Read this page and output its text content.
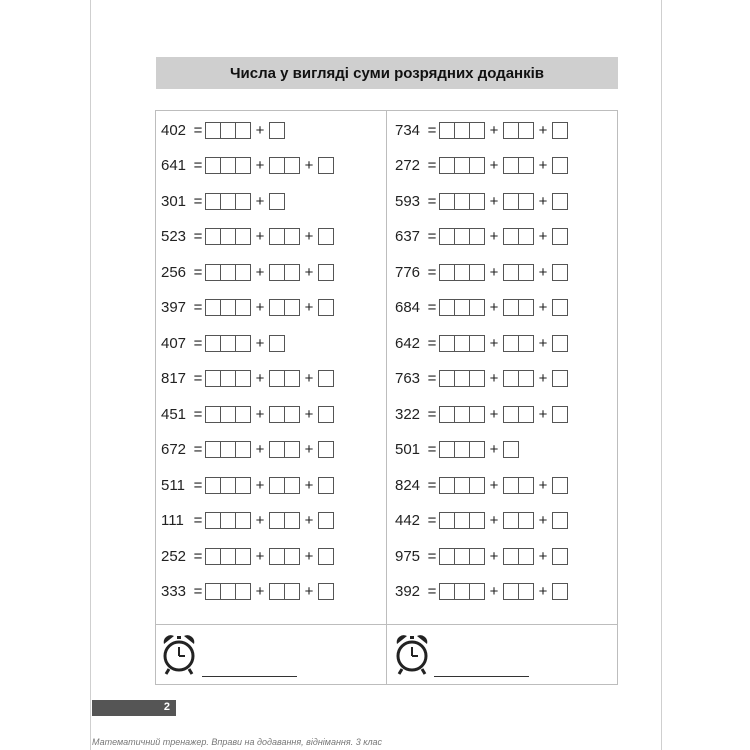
Числа у вигляді суми розрядних доданків
402 =	+
641 =	+	+
301 =	+
523 =	+	+
256 =	+	+
397 =	+	+
407 =	+
817 =	+	+
451 =	+	+
672 =	+	+
511 =	+	+
111 =	+	+
252 =	+	+
333 =	+	+
734 =	+	+
272 =	+	+
593 =	+	+
637 =	+	+
776 =	+	+
684 =	+	+
642 =	+	+
763 =	+	+
322 =	+	+
501 =	+
824 =	+	+
442 =	+	+
975 =	+	+
392 =	+	+
2
Математичний тренажер. Вправи на додавання, віднімання. 3 клас
